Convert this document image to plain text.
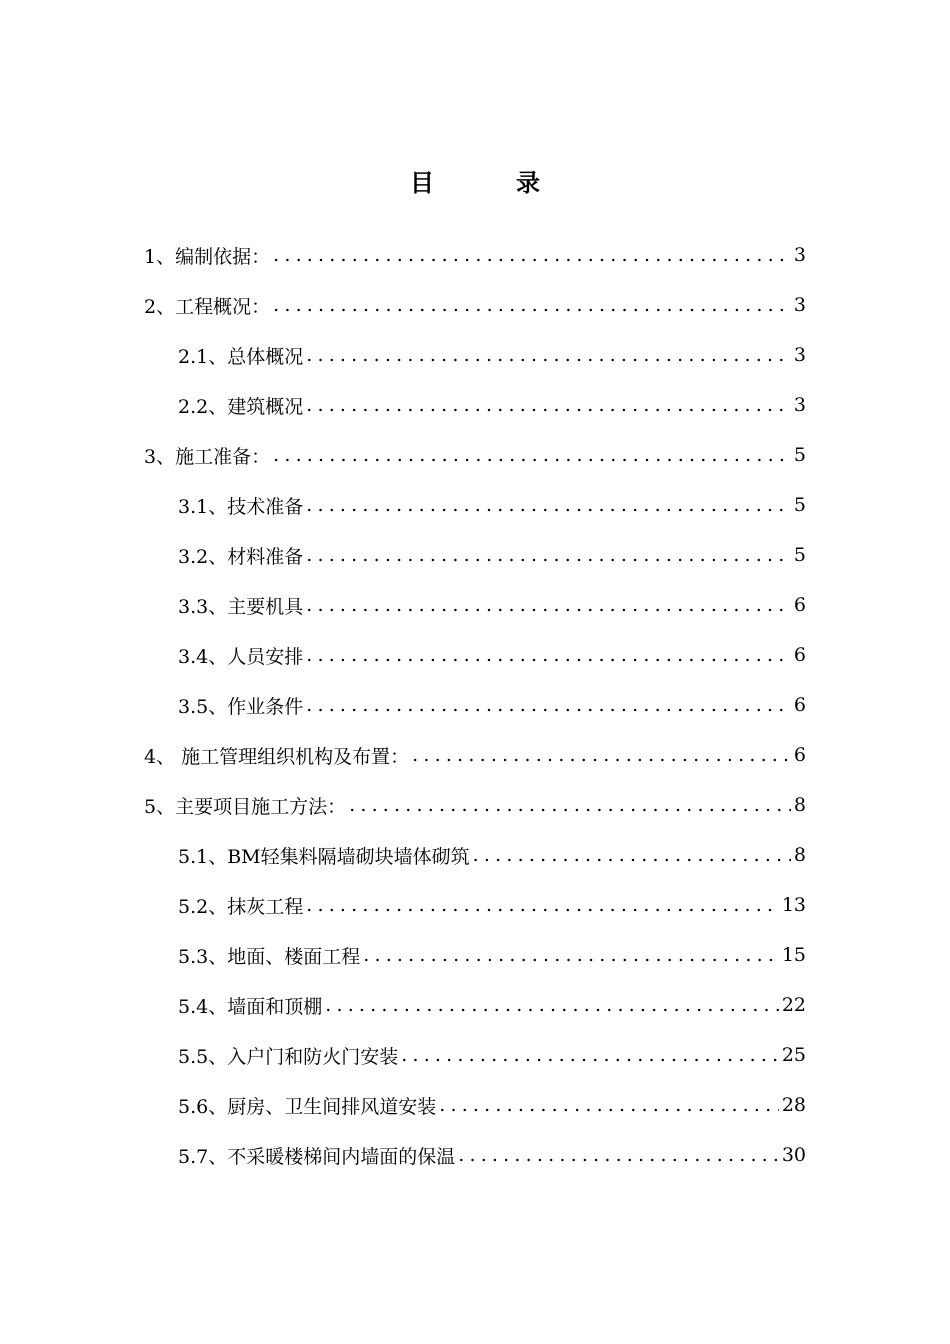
目	录
1、编制依据： .....	3
2、工程概况： .....	3
2.1、总体概况 .....	3
2.2、建筑概况 .....	3
3、施工准备： .....	5
3.1、技术准备 .....	5
3.2、材料准备 .....	5
3.3、主要机具 .....	6
3.4、人员安排 .....	6
3.5、作业条件 .....	6
4、 施工管理组织机构及布置： .....	6
5、主要项目施工方法： .....	8
5.1、BM轻集料隔墙砌块墙体砌筑 .....	8
5.2、抹灰工程 .....	13
5.3、地面、楼面工程 .....	15
5.4、墙面和顶棚 .....	22
5.5、入户门和防火门安装 .....	25
5.6、厨房、卫生间排风道安装 .....	28
5.7、不采暖楼梯间内墙面的保温 .....	30
